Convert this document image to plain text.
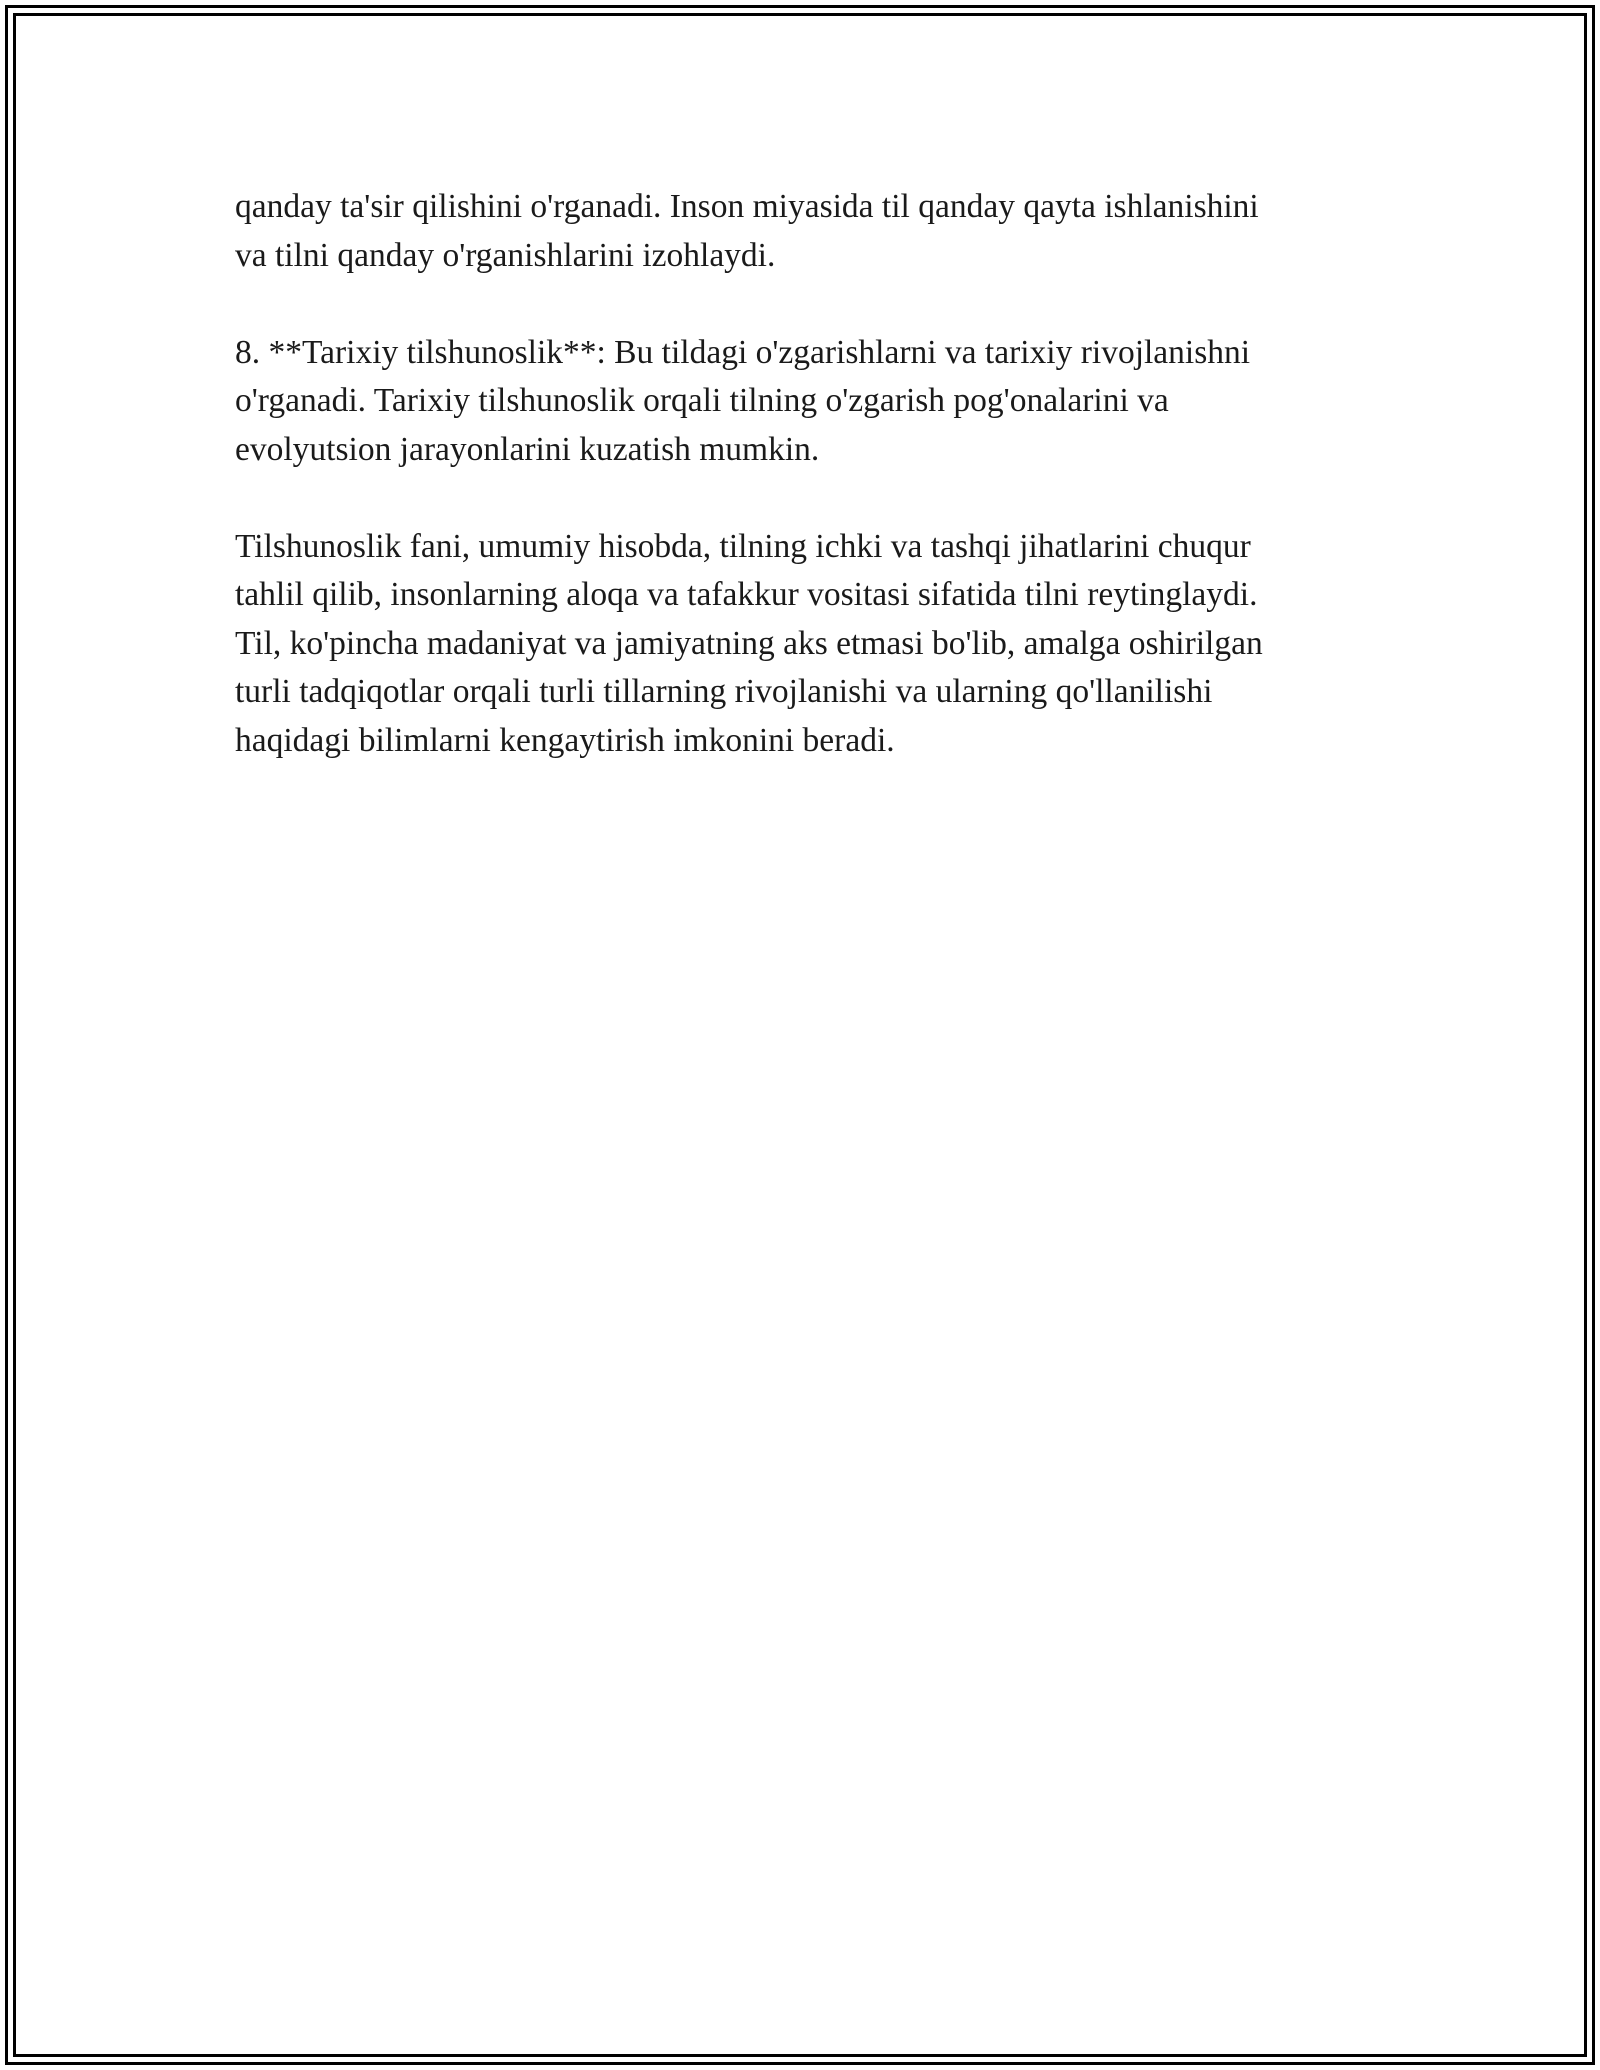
qanday ta'sir qilishini o'rganadi. Inson miyasida til qanday qayta ishlanishini
va tilni qanday o'rganishlarini izohlaydi.

8. **Tarixiy tilshunoslik**: Bu tildagi o'zgarishlarni va tarixiy rivojlanishni
o'rganadi. Tarixiy tilshunoslik orqali tilning o'zgarish pog'onalarini va
evolyutsion jarayonlarini kuzatish mumkin.

Tilshunoslik fani, umumiy hisobda, tilning ichki va tashqi jihatlarini chuqur
tahlil qilib, insonlarning aloqa va tafakkur vositasi sifatida tilni reytinglaydi.
Til, ko'pincha madaniyat va jamiyatning aks etmasi bo'lib, amalga oshirilgan
turli tadqiqotlar orqali turli tillarning rivojlanishi va ularning qo'llanilishi
haqidagi bilimlarni kengaytirish imkonini beradi.
